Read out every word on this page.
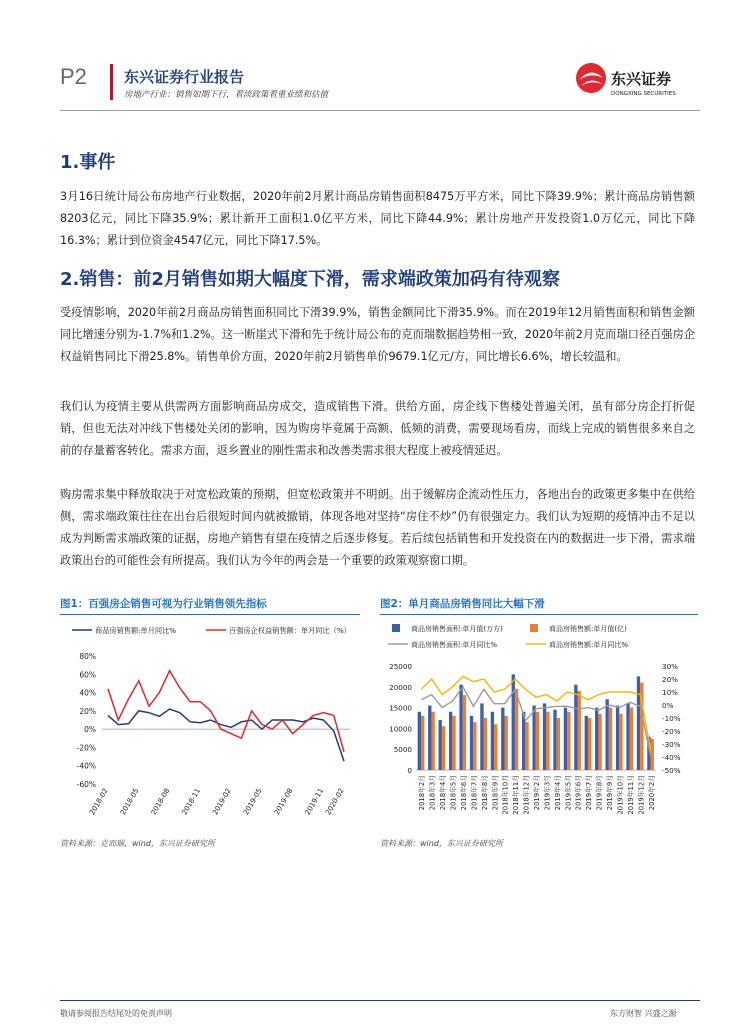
P2 东兴证券行业报告
房地产行业：销售如期下行，看淡政策看重业绩和估值
东兴证券
DONGXING SECURITIES
1.事件

3月16日统计局公布房地产行业数据，2020年前2月累计商品房销售面积8475万平方米，同比下降39.9%；累计商品房销售额8203亿元，同比下降35.9%；累计新开工面积1.0亿平方米，同比下降44.9%；累计房地产开发投资1.0万亿元，同比下降16.3%；累计到位资金4547亿元，同比下降17.5%。

2.销售：前2月销售如期大幅度下滑，需求端政策加码有待观察

受疫情影响，2020年前2月商品房销售面积同比下滑39.9%，销售金额同比下滑35.9%。而在2019年12月销售面积和销售金额同比增速分别为-1.7%和1.2%。这一断崖式下滑和先于统计局公布的克而瑞数据趋势相一致，2020年前2月克而瑞口径百强房企权益销售同比下滑25.8%。销售单价方面，2020年前2月销售单价9679.1亿元/方，同比增长6.6%，增长较温和。

我们认为疫情主要从供需两方面影响商品房成交，造成销售下滑。供给方面，房企线下售楼处普遍关闭，虽有部分房企打折促销，但也无法对冲线下售楼处关闭的影响，因为购房毕竟属于高额、低频的消费，需要现场看房，而线上完成的销售很多来自之前的存量蓄客转化。需求方面，返乡置业的刚性需求和改善类需求很大程度上被疫情延迟。

购房需求集中释放取决于对宽松政策的预期，但宽松政策并不明朗。出于缓解房企流动性压力，各地出台的政策更多集中在供给侧，需求端政策往往在出台后很短时间内就被撤销，体现各地对坚持“房住不炒”仍有很强定力。我们认为短期的疫情冲击不足以成为判断需求端政策的证据，房地产销售有望在疫情之后逐步修复。若后续包括销售和开发投资在内的数据进一步下滑，需求端政策出台的可能性会有所提高。我们认为今年的两会是一个重要的政策观察窗口期。

图1：百强房企销售可视为行业销售领先指标
商品房销售额:单月同比%	百强房企权益销售额：单月同比（%）
80%
60%
40%
20%
0%
-20%
-40%
-60%
2018-02 2018-05 2018-08 2018-11 2019-02 2019-05 2019-08 2019-11
2020-02
资料来源：克而瑞，wind，东兴证券研究所
图2：单月商品房销售同比大幅下滑
商品房销售面积:单月值(万方)	商品房销售额:单月值(亿)
商品房销售面积:单月同比%	商品房销售额:单月同比%
25000
20000
15000
10000
5000
0
30%
20%
10%
0%
-10%
-20%
-30%
-40%
-50%
2018年2月 2018年3月 2018年4月 2018年5月 2018年6月 2018年7月 2018年8月 2018年9月 2018年10月 2018年11月 2018年12月 2019年2月 2019年3月 2019年4月 2019年5月 2019年6月 2019年7月 2019年8月 2019年9月 2019年10月 2019年11月 2019年12月 2020年2月
资料来源：wind，东兴证券研究所
敬请参阅报告结尾处的免责声明	东方财智 兴盛之源
